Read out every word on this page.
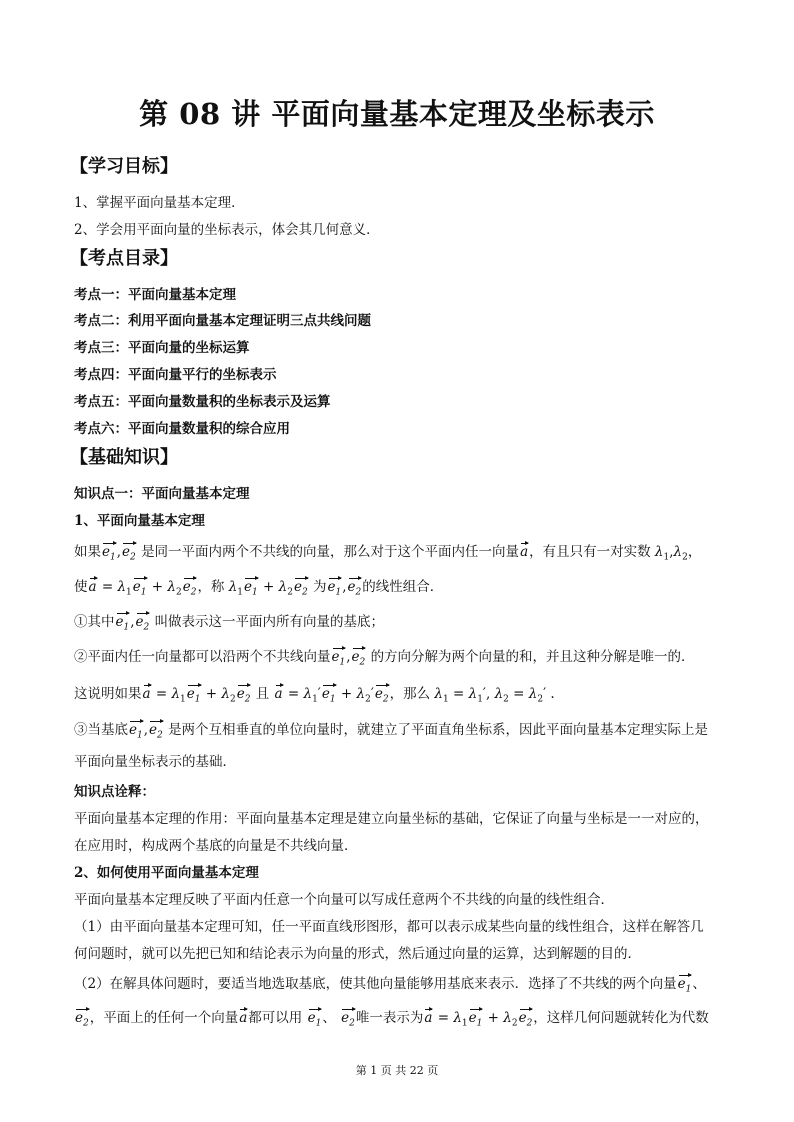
第 08 讲 平面向量基本定理及坐标表示
【学习目标】
1、掌握平面向量基本定理．
2、学会用平面向量的坐标表示，体会其几何意义．
【考点目录】
考点一：平面向量基本定理
考点二：利用平面向量基本定理证明三点共线问题
考点三：平面向量的坐标运算
考点四：平面向量平行的坐标表示
考点五：平面向量数量积的坐标表示及运算
考点六：平面向量数量积的综合应用
【基础知识】
知识点一：平面向量基本定理
1、平面向量基本定理
如果$e_1,e_2$ 是同一平面内两个不共线的向量，那么对于这个平面内任一向量a，有且只有一对实数 $\lambda_1,\lambda_2$，
使$a = \lambda_1e_1 + \lambda_2e_2$，称 $\lambda_1e_1 + \lambda_2e_2$ 为$e_1,e_2$的线性组合．
①其中$e_1,e_2$ 叫做表示这一平面内所有向量的基底；
②平面内任一向量都可以沿两个不共线向量$e_1,e_2$ 的方向分解为两个向量的和，并且这种分解是唯一的．
这说明如果$a = \lambda_1e_1 + \lambda_2e_2$ 且 $a = \lambda_1'e_1 + \lambda_2'e_2$，那么 $\lambda_1 = \lambda_1'$, $\lambda_2 = \lambda_2'$ .
③当基底$e_1,e_2$ 是两个互相垂直的单位向量时，就建立了平面直角坐标系，因此平面向量基本定理实际上是
平面向量坐标表示的基础．
知识点诠释：
平面向量基本定理的作用：平面向量基本定理是建立向量坐标的基础，它保证了向量与坐标是一一对应的，
在应用时，构成两个基底的向量是不共线向量．
2、如何使用平面向量基本定理
平面向量基本定理反映了平面内任意一个向量可以写成任意两个不共线的向量的线性组合．
（1）由平面向量基本定理可知，任一平面直线形图形，都可以表示成某些向量的线性组合，这样在解答几
何问题时，就可以先把已知和结论表示为向量的形式，然后通过向量的运算，达到解题的目的．
（2）在解具体问题时，要适当地选取基底，使其他向量能够用基底来表示．选择了不共线的两个向量$e_1$、
$e_2$，平面上的任何一个向量a都可以用 $e_1$、 $e_2$唯一表示为$a = \lambda_1e_1 + \lambda_2e_2$，这样几何问题就转化为代数
第 1 页 共 22 页
